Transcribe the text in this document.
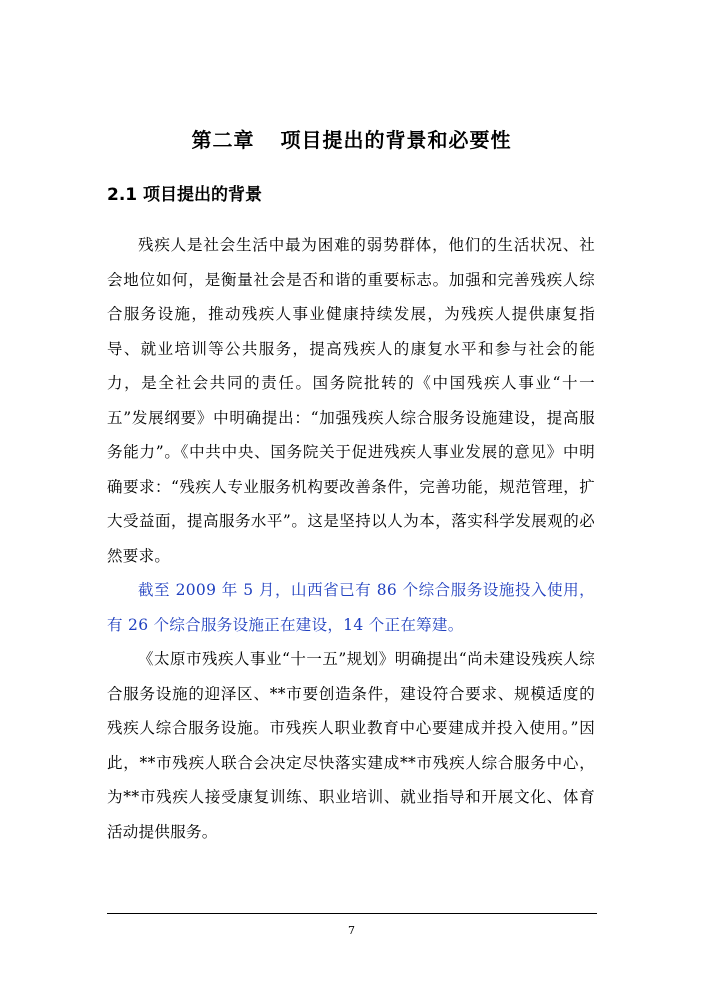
第二章 项目提出的背景和必要性
2.1 项目提出的背景

残疾人是社会生活中最为困难的弱势群体，他们的生活状况、社会地位如何，是衡量社会是否和谐的重要标志。加强和完善残疾人综合服务设施，推动残疾人事业健康持续发展，为残疾人提供康复指导、就业培训等公共服务，提高残疾人的康复水平和参与社会的能力，是全社会共同的责任。国务院批转的《中国残疾人事业“十一五”发展纲要》中明确提出：“加强残疾人综合服务设施建设，提高服务能力”。《中共中央、国务院关于促进残疾人事业发展的意见》中明确要求：“残疾人专业服务机构要改善条件，完善功能，规范管理，扩大受益面，提高服务水平”。这是坚持以人为本，落实科学发展观的必然要求。

截至 2009 年 5 月，山西省已有 86 个综合服务设施投入使用，有 26 个综合服务设施正在建设，14 个正在筹建。

《太原市残疾人事业“十一五”规划》明确提出“尚未建设残疾人综合服务设施的迎泽区、**市要创造条件，建设符合要求、规模适度的残疾人综合服务设施。市残疾人职业教育中心要建成并投入使用。”因此，**市残疾人联合会决定尽快落实建成**市残疾人综合服务中心，为**市残疾人接受康复训练、职业培训、就业指导和开展文化、体育活动提供服务。

7
